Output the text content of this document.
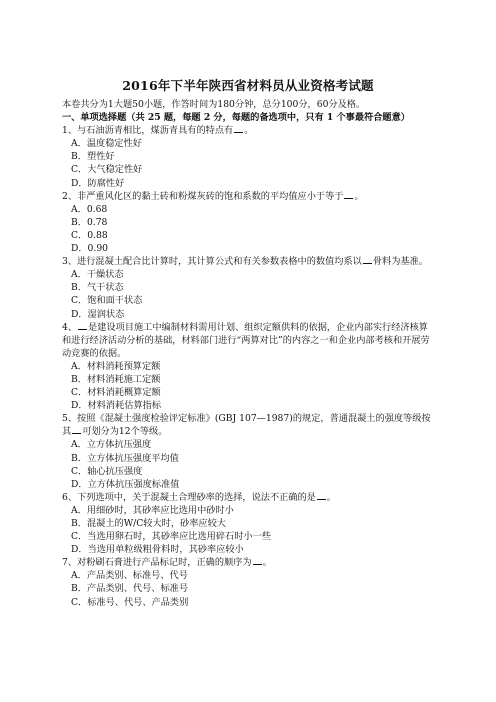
2016年下半年陕西省材料员从业资格考试题

本卷共分为1大题50小题，作答时间为180分钟，总分100分，60分及格。

一、单项选择题（共 25 题，每题 2 分，每题的备选项中，只有 1 个事最符合题意）

1、与石油沥青相比，煤沥青具有的特点有 。

A．温度稳定性好

B．塑性好

C．大气稳定性好

D．防腐性好

2、非严重风化区的黏土砖和粉煤灰砖的饱和系数的平均值应小于等于 。

A．0.68

B．0.78

C．0.88

D．0.90

3、进行混凝土配合比计算时，其计算公式和有关参数表格中的数值均系以 骨料为基准。

A．干燥状态

B．气干状态

C．饱和面干状态

D．湿润状态

4、 是建设项目施工中编制材料需用计划、组织定额供料的依据，企业内部实行经济核算和进行经济活动分析的基础，材料部门进行“两算对比”的内容之一和企业内部考核和开展劳动竞赛的依据。

A．材料消耗预算定额

B．材料消耗施工定额

C．材料消耗概算定额

D．材料消耗估算指标

5、按照《混凝土强度检验评定标准》(GBJ 107—1987)的规定，普通混凝土的强度等级按其 可划分为12个等级。

A．立方体抗压强度

B．立方体抗压强度平均值

C．轴心抗压强度

D．立方体抗压强度标准值

6、下列选项中，关于混凝土合理砂率的选择，说法不正确的是 。

A．用细砂时，其砂率应比选用中砂时小

B．混凝土的W/C较大时，砂率应较大

C．当选用卵石时，其砂率应比选用碎石时小一些

D．当选用单粒级粗骨料时，其砂率应较小

7、对粉刷石膏进行产品标记时，正确的顺序为 。

A．产品类别、标准号、代号

B．产品类别、代号、标准号

C．标准号、代号、产品类别
